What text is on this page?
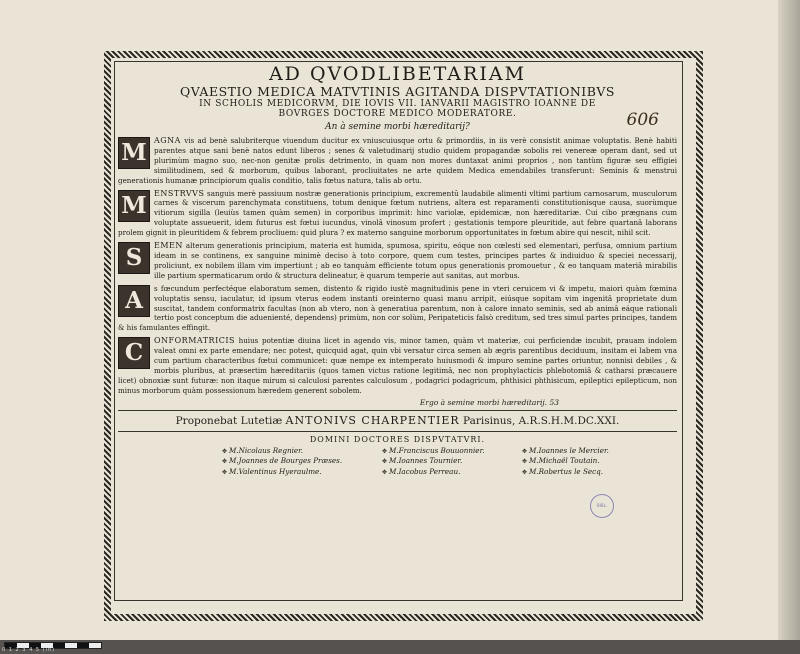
AD QVODLIBETARIAM

QVAESTIO MEDICA MATVTINIS AGITANDA DISPVTATIONIBVS

IN SCHOLIS MEDICORVM, DIE IOVIS VII. IANVARII MAGISTRO IOANNE DE

BOVRGES DOCTORE MEDICO MODERATORE.

An à semine morbi hæreditarij?	606

M AGNA vis ad benè salubriterque viuendum ducitur ex vniuscuiusque ortu & primordiis, in iis verè consistit animae voluptatis. Benè habiti parentes atque sani benè natos edunt liberos ; senes & valetudinarij studio quidem propagandæ sobolis rei venereæ operam dant, sed ut plurimùm magno suo, nec-non genitæ prolis detrimento, in quam non mores duntaxat animi proprios , non tantùm figuræ seu effigiei similitudinem, sed & morborum, quibus laborant, procliuitates ne arte quidem Medica emendabiles transferunt: Seminis & menstrui generationis humanæ principiorum qualis conditio, talis fœtus natura, talis ab ortu.

M ENSTRVVS sanguis merè passiuum nostræ generationis principium, excrementū laudabile alimenti vltimi partium carnosarum, musculorum carnes & viscerum parenchymata constituens, totum denique fœtum nutriens, altera est reparamenti constitutionisque causa, suorùmque vitiorum sigilla (leuiùs tamen quàm semen) in corporibus imprimit: hinc variolæ, epidemicæ, non hæreditariæ. Cui cibo prægnans cum voluptate assueuerit, idem futurus est fœtui iucundus, vinolâ vinosum profert ; gestationis tempore pleuritide, aut febre quartanâ laborans prolem gignit in pleuritidem & febrem procliuem: quid plura ? ex materno sanguine morborum opportunitates in fœtum abire qui nescit, nihil scit.

S	EMEN alterum generationis principium, materia est humida, spumosa, spiritu, eóque non cœlesti sed elementari, perfusa, omnium partium ideam in se continens, ex sanguine minimè deciso à toto corpore, quem cum testes, principes partes & indiuiduo & speciei necessarij, proliciunt, ex nobilem illam vim impertiunt ; ab eo tanquàm efficiente totum opus generationis promouetur , & eo tanquam materiâ mirabilis ille partium spermaticarum ordo & structura delineatur, è quarum temperie aut sanitas, aut morbus.

A	s fœcundum perfectéque elaboratum semen, distento & rigido iustè magnitudinis pene in vteri ceruicem vi & impetu, maiori quàm fœmina voluptatis sensu, iaculatur, id ipsum vterus eodem instanti oreinterno quasi manu arripit, eiúsque sopitam vim ingenitâ proprietate dum suscitat, tandem conformatrix facultas (non ab vtero, non à generatiua parentum, non à calore innato seminis, sed ab animâ eáque rationali tertio post conceptum die aduenienté, dependens) primùm, non cor solùm, Peripateticis falsò creditum, sed tres simul partes principes, tandem & his famulantes effingit.

C	ONFORMATRICIS huius potentiæ diuina licet in agendo vis, minor tamen, quàm vt materiæ, cui perficiendæ incubit, prauam indolem valeat omni ex parte emendare; nec potest, quicquid agat, quin vbi versatur circa semen ab ægris parentibus deciduum, insitam ei labem vna cum partium characteribus fœtui communicet: quæ nempe ex intemperato huiusmodi & impuro semine partes oriuntur, nonnisi debiles , & morbis pluribus, at præsertim hæreditariis (quos tamen victus ratione legitimâ, nec non prophylacticis phlebotomiâ & catharsi præcauere licet) obnoxiæ sunt futuræ: non itaque mirum si calculosi parentes calculosum , podagrici podagricum, phthisici phthisicum, epileptici epilepticum, non minus morborum quàm possessionum hæredem generent sobolem.

Ergo à semine morbi hæreditarij. 53

Proponebat Lutetiæ ANTONIVS CHARPENTIER Parisinus, A.R.S.H.M.DC.XXI.

DOMINI DOCTORES DISPVTATVRI.

✥ M.Nicolaus Regnier.	✥ M.Franciscus Bouuonnier.	✥ M.Ioannes le Mercier.
✥ M.Joannes de Bourges Præses.	✥ M.Ioannes Tournier.	✥ M.Michaël Toutain.
✥ M.Valentinus Hyeraulme.	✥ M.Iacobus Perreau.	✥ M.Robertus le Secq.
BIBL.
0 1 2 3 4 5 (in)
